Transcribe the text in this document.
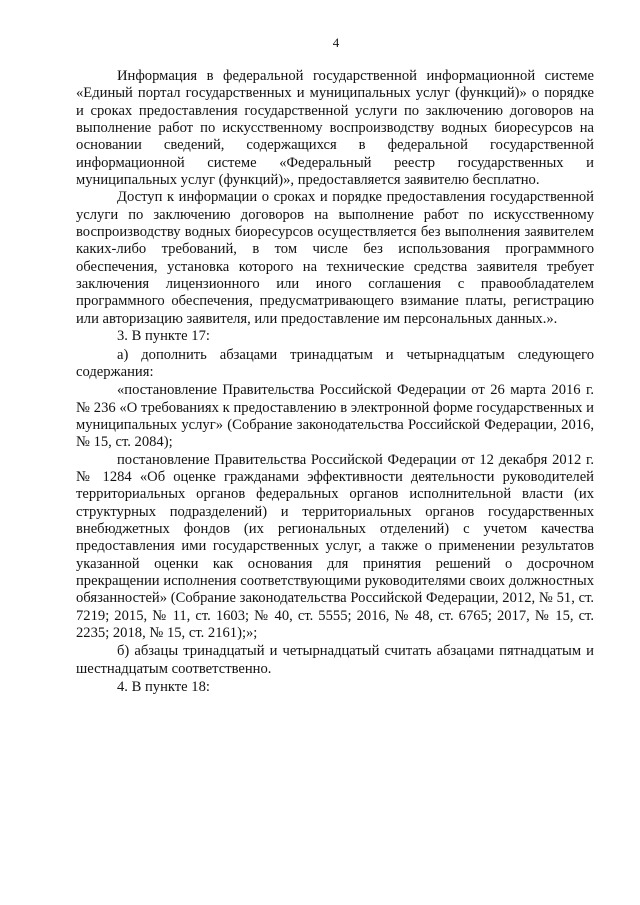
4

Информация в федеральной государственной информационной системе «Единый портал государственных и муниципальных услуг (функций)» о порядке и сроках предоставления государственной услуги по заключению договоров на выполнение работ по искусственному воспроизводству водных биоресурсов на основании сведений, содержащихся в федеральной государственной информационной системе «Федеральный реестр государственных и муниципальных услуг (функций)», предоставляется заявителю бесплатно.

Доступ к информации о сроках и порядке предоставления государственной услуги по заключению договоров на выполнение работ по искусственному воспроизводству водных биоресурсов осуществляется без выполнения заявителем каких-либо требований, в том числе без использования программного обеспечения, установка которого на технические средства заявителя требует заключения лицензионного или иного соглашения с правообладателем программного обеспечения, предусматривающего взимание платы, регистрацию или авторизацию заявителя, или предоставление им персональных данных.».

3. В пункте 17:

а) дополнить абзацами тринадцатым и четырнадцатым следующего содержания:

«постановление Правительства Российской Федерации от 26 марта 2016 г. № 236 «О требованиях к предоставлению в электронной форме государственных и муниципальных услуг» (Собрание законодательства Российской Федерации, 2016, № 15, ст. 2084);

постановление Правительства Российской Федерации от 12 декабря 2012 г. № 1284 «Об оценке гражданами эффективности деятельности руководителей территориальных органов федеральных органов исполнительной власти (их структурных подразделений) и территориальных органов государственных внебюджетных фондов (их региональных отделений) с учетом качества предоставления ими государственных услуг, а также о применении результатов указанной оценки как основания для принятия решений о досрочном прекращении исполнения соответствующими руководителями своих должностных обязанностей» (Собрание законодательства Российской Федерации, 2012, № 51, ст. 7219; 2015, № 11, ст. 1603; № 40, ст. 5555; 2016, № 48, ст. 6765; 2017, № 15, ст. 2235; 2018, № 15, ст. 2161);»;

б) абзацы тринадцатый и четырнадцатый считать абзацами пятнадцатым и шестнадцатым соответственно.

4. В пункте 18:
